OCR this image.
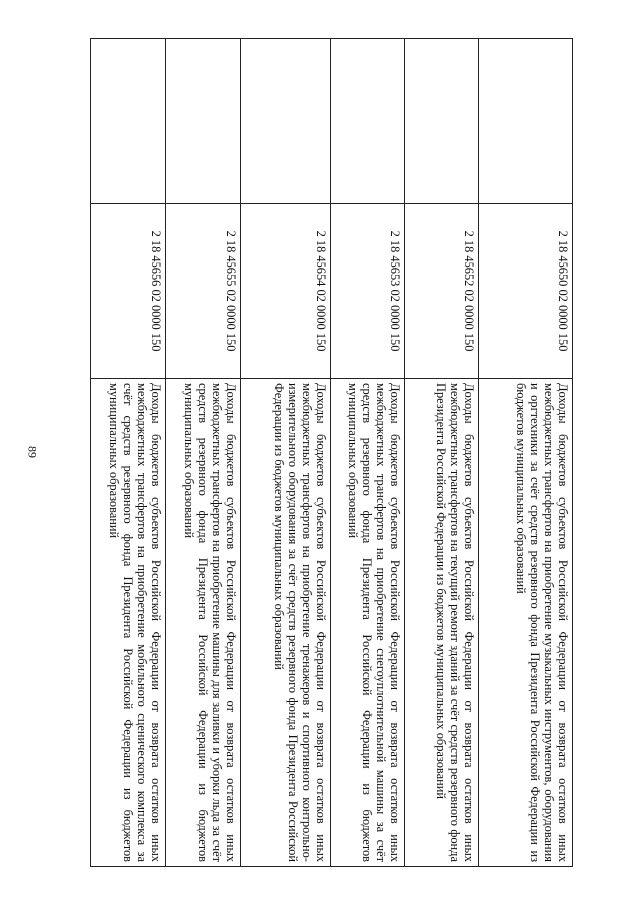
89
	2 18 45650 02 0000 150	Доходы бюджетов субъектов Российской Федерации от возврата остатков иных межбюджетных трансфертов на приобретение музыкальных инструментов, оборудования и оргтехники за счёт средств резервного фонда Президента Российской Федерации из бюджетов муниципальных образований
	2 18 45652 02 0000 150	Доходы бюджетов субъектов Российской Федерации от возврата остатков иных межбюджетных трансфертов на текущий ремонт зданий за счёт средств резервного фонда Президента Российской Федерации из бюджетов муниципальных образований
	2 18 45653 02 0000 150	Доходы бюджетов субъектов Российской Федерации от возврата остатков иных межбюджетных трансфертов на приобретение снегоуплотнительной машины за счёт средств резервного фонда Президента Российской Федерации из бюджетов муниципальных образований
	2 18 45654 02 0000 150	Доходы бюджетов субъектов Российской Федерации от возврата остатков иных межбюджетных трансфертов на приобретение тренажеров и спортивного контрольно-измерительного оборудования за счёт средств резервного фонда Президента Российской Федерации из бюджетов муниципальных образований
	2 18 45655 02 0000 150	Доходы бюджетов субъектов Российской Федерации от возврата остатков иных межбюджетных трансфертов на приобретение машины для заливки и уборки льда за счёт средств резервного фонда Президента Российской Федерации из бюджетов муниципальных образований
	2 18 45656 02 0000 150	Доходы бюджетов субъектов Российской Федерации от возврата остатков иных межбюджетных трансфертов на приобретение мобильного сценического комплекса за счёт средств резервного фонда Президента Российской Федерации из бюджетов муниципальных образований
